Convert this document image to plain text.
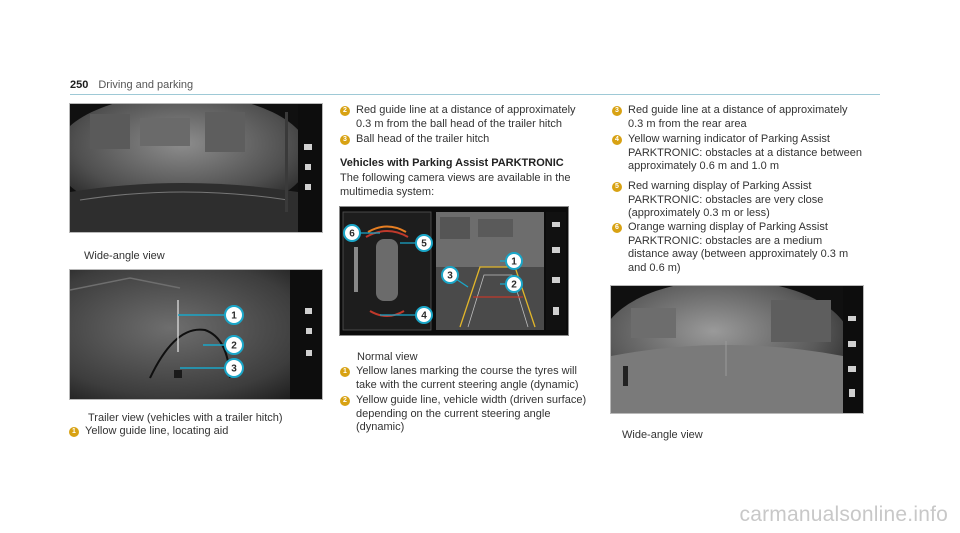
250 Driving and parking
Wide-angle view
1
2
3
Trailer view (vehicles with a trailer hitch)
1 Yellow guide line, locating aid
2 Red guide line at a distance of approximately 0.3 m from the ball head of the trailer hitch
3 Ball head of the trailer hitch
Vehicles with Parking Assist PARKTRONIC
The following camera views are available in the multimedia system:
6
5
1
3
2
4
Normal view
1 Yellow lanes marking the course the tyres will take with the current steering angle (dynamic)
2 Yellow guide line, vehicle width (driven surface) depending on the current steering angle (dynamic)
3 Red guide line at a distance of approximately 0.3 m from the rear area
4 Yellow warning indicator of Parking Assist PARKTRONIC: obstacles at a distance between approximately 0.6 m and 1.0 m
5 Red warning display of Parking Assist PARKTRONIC: obstacles are very close (approximately 0.3 m or less)
6 Orange warning display of Parking Assist PARKTRONIC: obstacles are a medium distance away (between approximately 0.3 m and 0.6 m)
Wide-angle view
carmanualsonline.info
